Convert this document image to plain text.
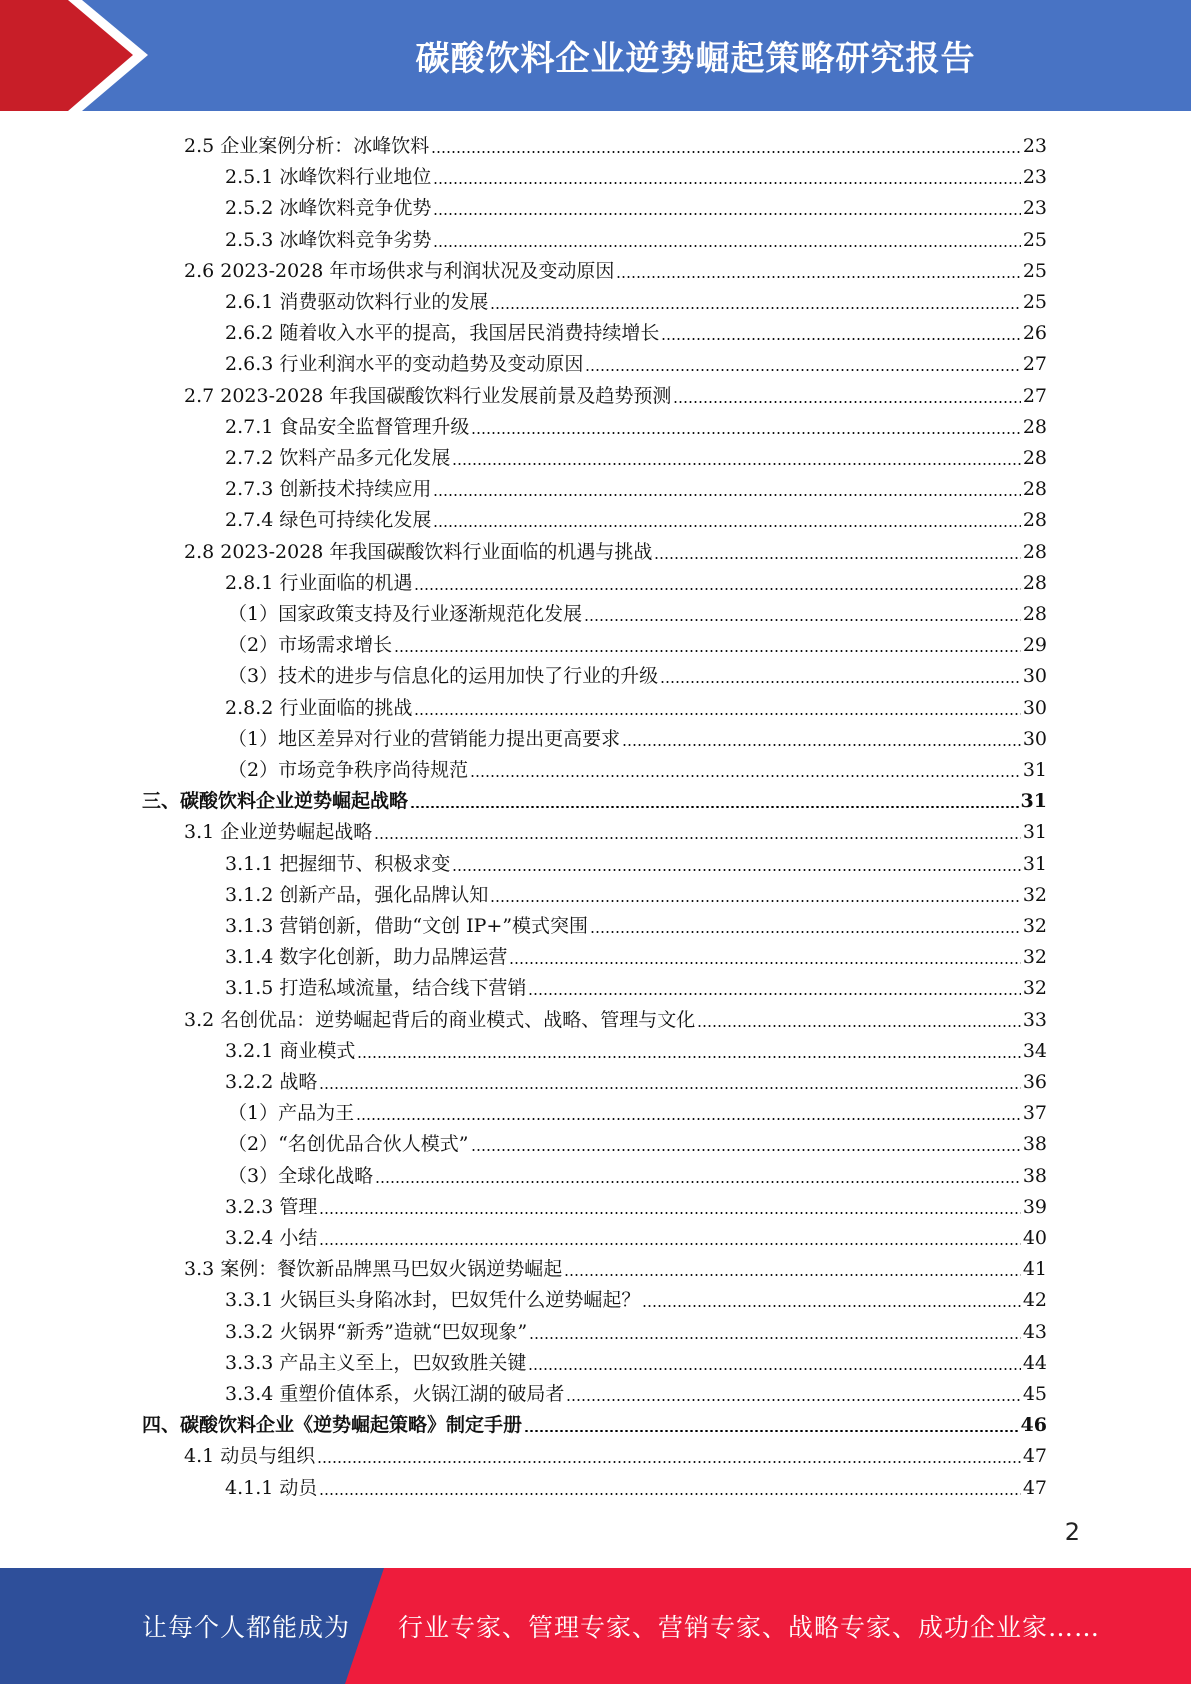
碳酸饮料企业逆势崛起策略研究报告
2.5 企业案例分析：冰峰饮料	23
2.5.1 冰峰饮料行业地位	23
2.5.2 冰峰饮料竞争优势	23
2.5.3 冰峰饮料竞争劣势	25
2.6 2023-2028 年市场供求与利润状况及变动原因	25
2.6.1 消费驱动饮料行业的发展	25
2.6.2 随着收入水平的提高，我国居民消费持续增长	26
2.6.3 行业利润水平的变动趋势及变动原因	27
2.7 2023-2028 年我国碳酸饮料行业发展前景及趋势预测	27
2.7.1 食品安全监督管理升级	28
2.7.2 饮料产品多元化发展	28
2.7.3 创新技术持续应用	28
2.7.4 绿色可持续化发展	28
2.8 2023-2028 年我国碳酸饮料行业面临的机遇与挑战	28
2.8.1 行业面临的机遇	28
（1）国家政策支持及行业逐渐规范化发展	28
（2）市场需求增长	29
（3）技术的进步与信息化的运用加快了行业的升级	30
2.8.2 行业面临的挑战	30
（1）地区差异对行业的营销能力提出更高要求	30
（2）市场竞争秩序尚待规范	31
三、碳酸饮料企业逆势崛起战略	31
3.1 企业逆势崛起战略	31
3.1.1 把握细节、积极求变	31
3.1.2 创新产品，强化品牌认知	32
3.1.3 营销创新，借助“文创 IP+”模式突围	32
3.1.4 数字化创新，助力品牌运营	32
3.1.5 打造私域流量，结合线下营销	32
3.2 名创优品：逆势崛起背后的商业模式、战略、管理与文化	33
3.2.1 商业模式	34
3.2.2 战略	36
（1）产品为王	37
（2）“名创优品合伙人模式”	38
（3）全球化战略	38
3.2.3 管理	39
3.2.4 小结	40
3.3 案例：餐饮新品牌黑马巴奴火锅逆势崛起	41
3.3.1 火锅巨头身陷冰封，巴奴凭什么逆势崛起？	42
3.3.2 火锅界“新秀”造就“巴奴现象”	43
3.3.3 产品主义至上，巴奴致胜关键	44
3.3.4 重塑价值体系，火锅江湖的破局者	45
四、碳酸饮料企业《逆势崛起策略》制定手册	46
4.1 动员与组织	47
4.1.1 动员	47
2
让每个人都能成为 行业专家、管理专家、营销专家、战略专家、成功企业家……
